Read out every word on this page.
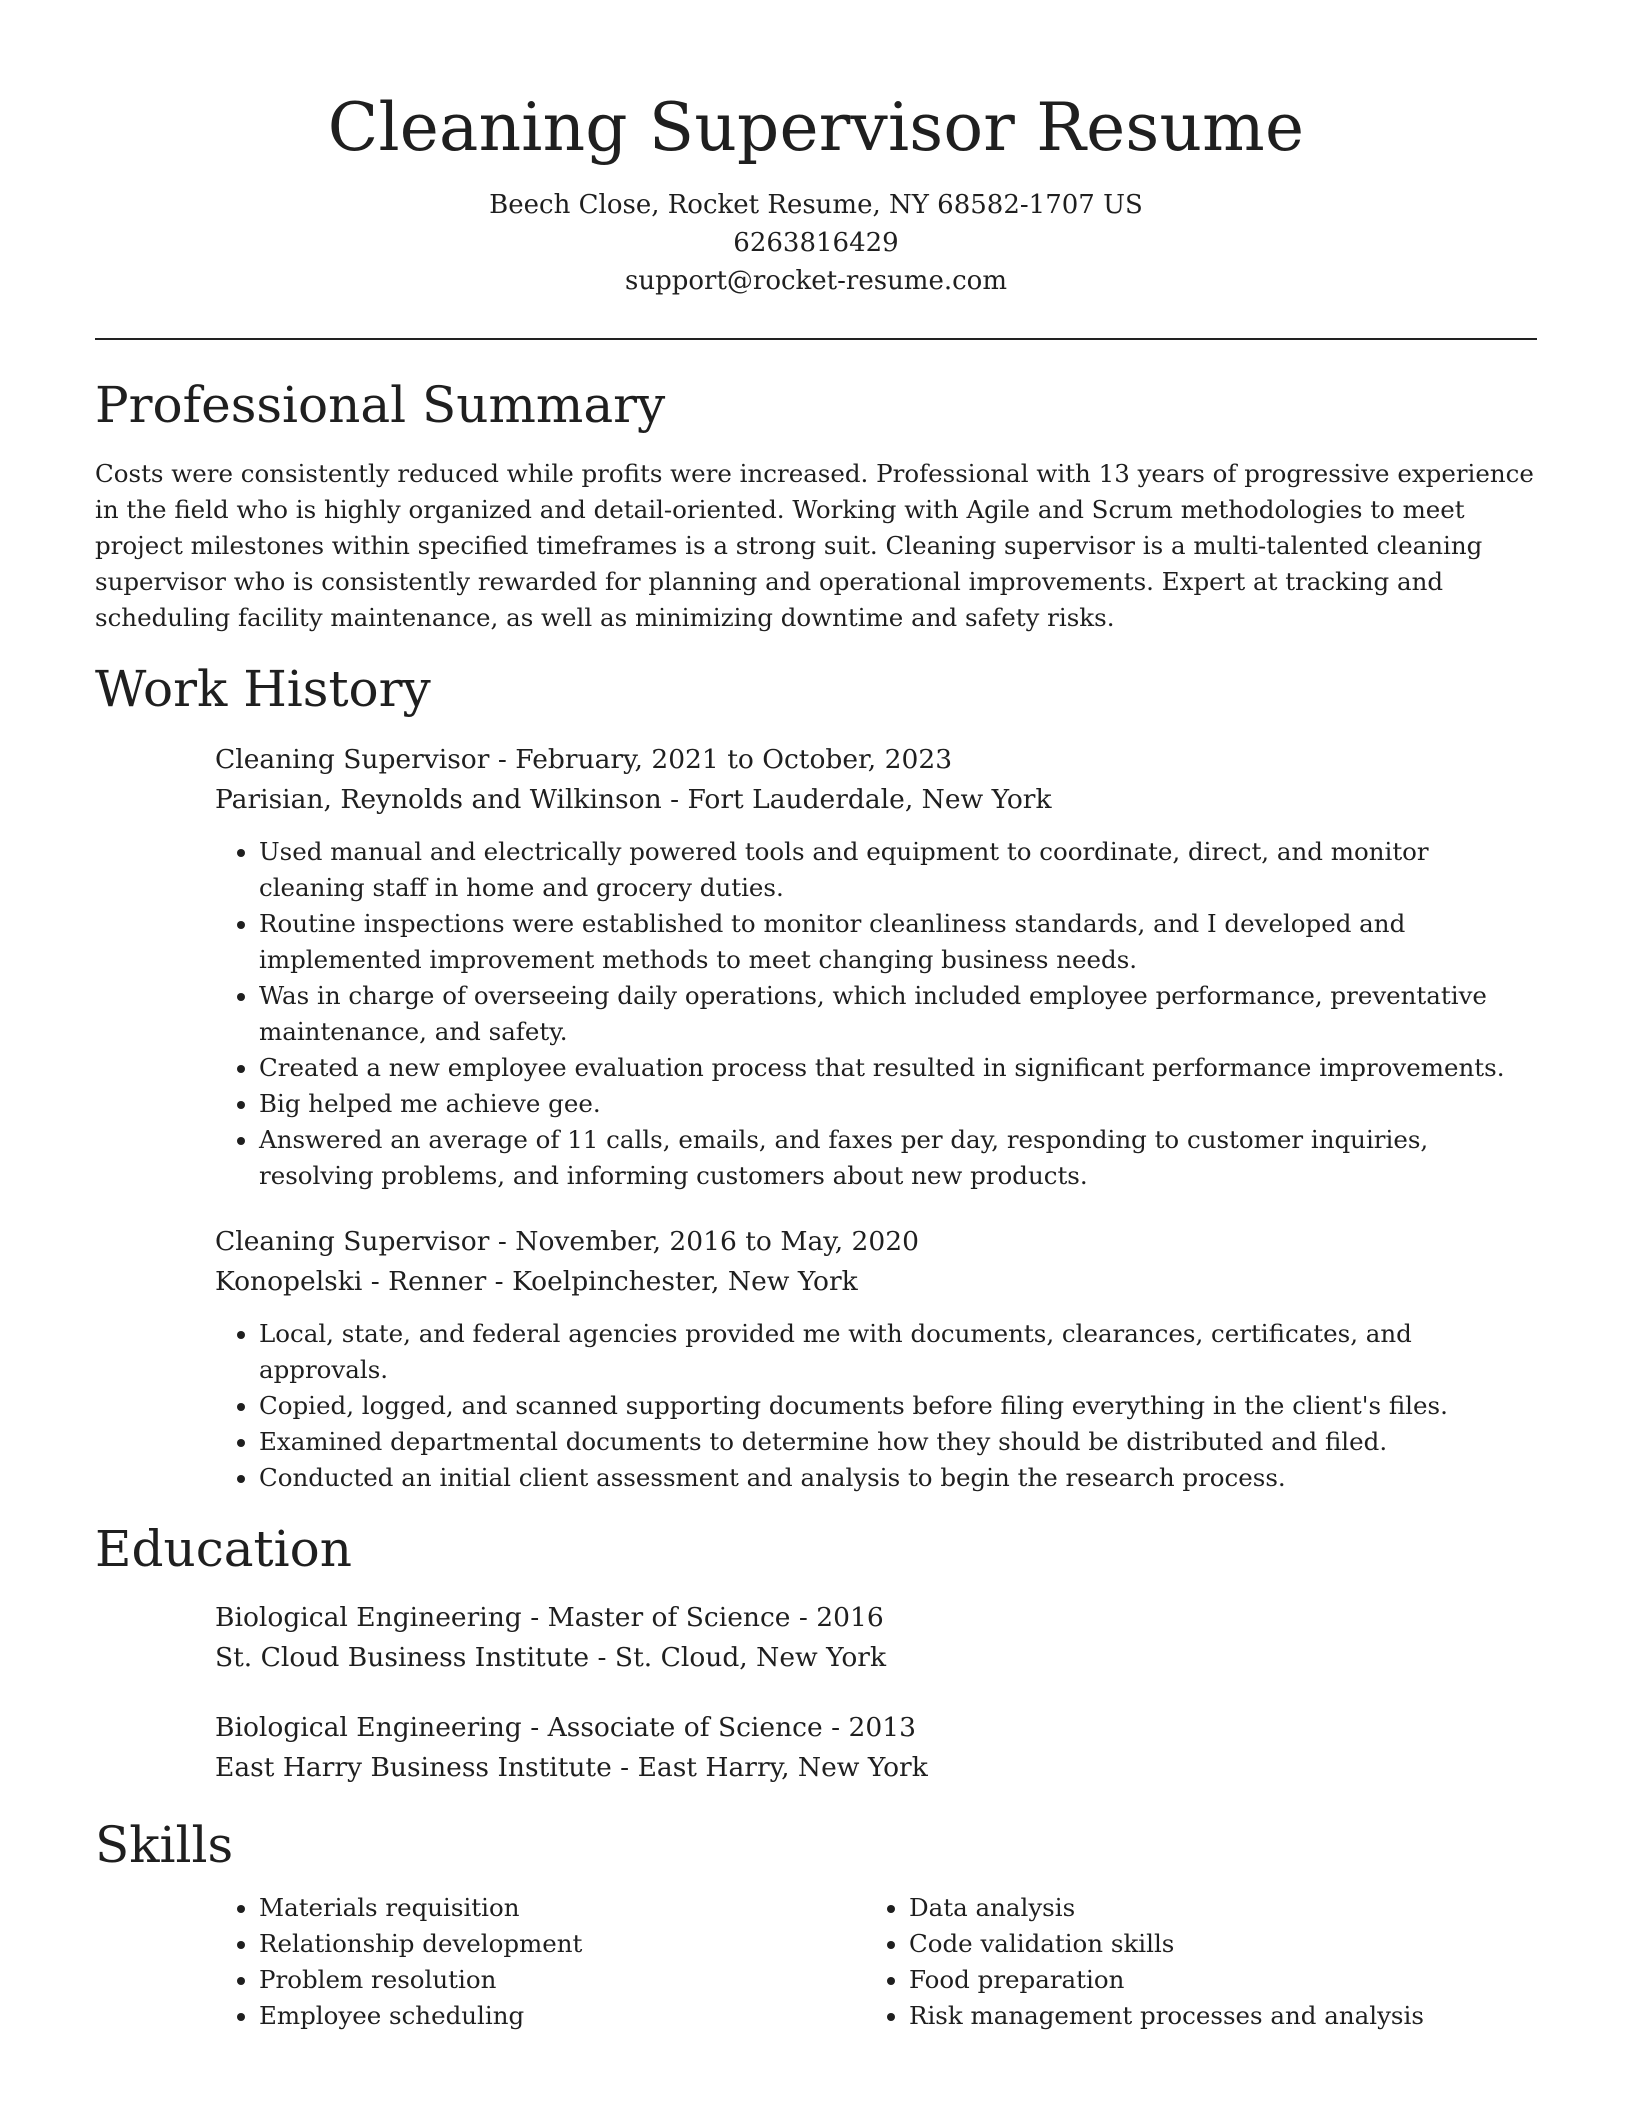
Cleaning Supervisor Resume
Beech Close, Rocket Resume, NY 68582-1707 US
6263816429
support@rocket-resume.com
Professional Summary

Costs were consistently reduced while profits were increased. Professional with 13 years of progressive experience in the field who is highly organized and detail-oriented. Working with Agile and Scrum methodologies to meet project milestones within specified timeframes is a strong suit. Cleaning supervisor is a multi-talented cleaning supervisor who is consistently rewarded for planning and operational improvements. Expert at tracking and scheduling facility maintenance, as well as minimizing downtime and safety risks.

Work History
Cleaning Supervisor - February, 2021 to October, 2023
Parisian, Reynolds and Wilkinson - Fort Lauderdale, New York
• Used manual and electrically powered tools and equipment to coordinate, direct, and monitor cleaning staff in home and grocery duties.
• Routine inspections were established to monitor cleanliness standards, and I developed and implemented improvement methods to meet changing business needs.
• Was in charge of overseeing daily operations, which included employee performance, preventative maintenance, and safety.
• Created a new employee evaluation process that resulted in significant performance improvements.
• Big helped me achieve gee.
• Answered an average of 11 calls, emails, and faxes per day, responding to customer inquiries, resolving problems, and informing customers about new products.
Cleaning Supervisor - November, 2016 to May, 2020
Konopelski - Renner - Koelpinchester, New York
• Local, state, and federal agencies provided me with documents, clearances, certificates, and approvals.
• Copied, logged, and scanned supporting documents before filing everything in the client's files.
• Examined departmental documents to determine how they should be distributed and filed.
• Conducted an initial client assessment and analysis to begin the research process.
Education
Biological Engineering - Master of Science - 2016
St. Cloud Business Institute - St. Cloud, New York
Biological Engineering - Associate of Science - 2013
East Harry Business Institute - East Harry, New York
Skills
• Materials requisition
• Relationship development
• Problem resolution
• Employee scheduling
• Data analysis
• Code validation skills
• Food preparation
• Risk management processes and analysis
